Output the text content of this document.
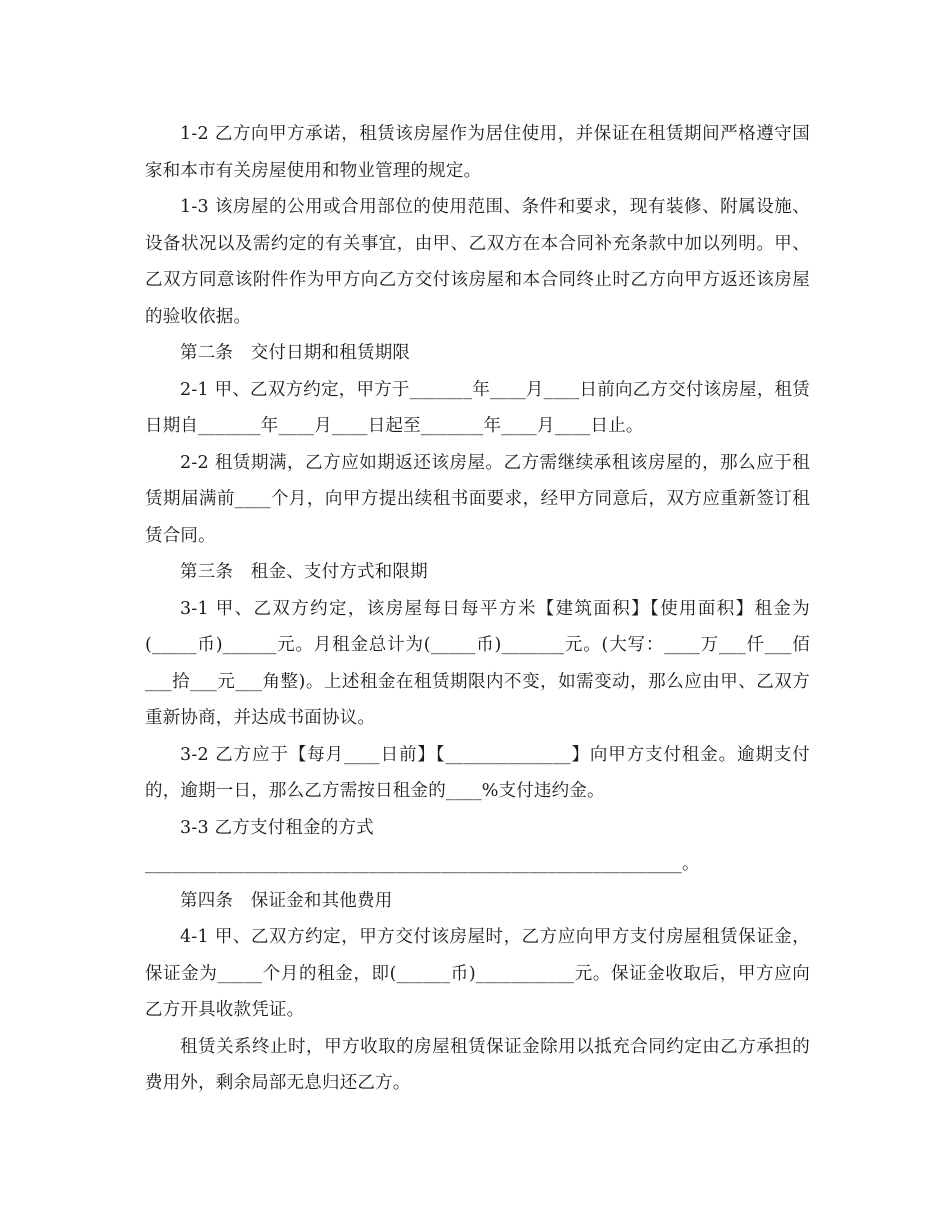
1-2 乙方向甲方承诺，租赁该房屋作为居住使用，并保证在租赁期间严格遵守国家和本市有关房屋使用和物业管理的规定。

1-3 该房屋的公用或合用部位的使用范围、条件和要求，现有装修、附属设施、设备状况以及需约定的有关事宜，由甲、乙双方在本合同补充条款中加以列明。甲、乙双方同意该附件作为甲方向乙方交付该房屋和本合同终止时乙方向甲方返还该房屋的验收依据。

第二条　交付日期和租赁期限

2-1 甲、乙双方约定，甲方于_______年____月____日前向乙方交付该房屋，租赁日期自_______年____月____日起至_______年____月____日止。

2-2 租赁期满，乙方应如期返还该房屋。乙方需继续承租该房屋的，那么应于租赁期届满前____个月，向甲方提出续租书面要求，经甲方同意后，双方应重新签订租赁合同。

第三条　租金、支付方式和限期

3-1 甲、乙双方约定，该房屋每日每平方米【建筑面积】【使用面积】租金为(_____币)______元。月租金总计为(_____币)_______元。(大写：____万___仟___佰___拾___元___角整)。上述租金在租赁期限内不变，如需变动，那么应由甲、乙双方重新协商，并达成书面协议。

3-2 乙方应于【每月____日前】【______________】向甲方支付租金。逾期支付的，逾期一日，那么乙方需按日租金的____%支付违约金。

3-3 乙方支付租金的方式

____________________________________________________________。

第四条　保证金和其他费用

4-1 甲、乙双方约定，甲方交付该房屋时，乙方应向甲方支付房屋租赁保证金，保证金为_____个月的租金，即(______币)___________元。保证金收取后，甲方应向乙方开具收款凭证。

租赁关系终止时，甲方收取的房屋租赁保证金除用以抵充合同约定由乙方承担的费用外，剩余局部无息归还乙方。
